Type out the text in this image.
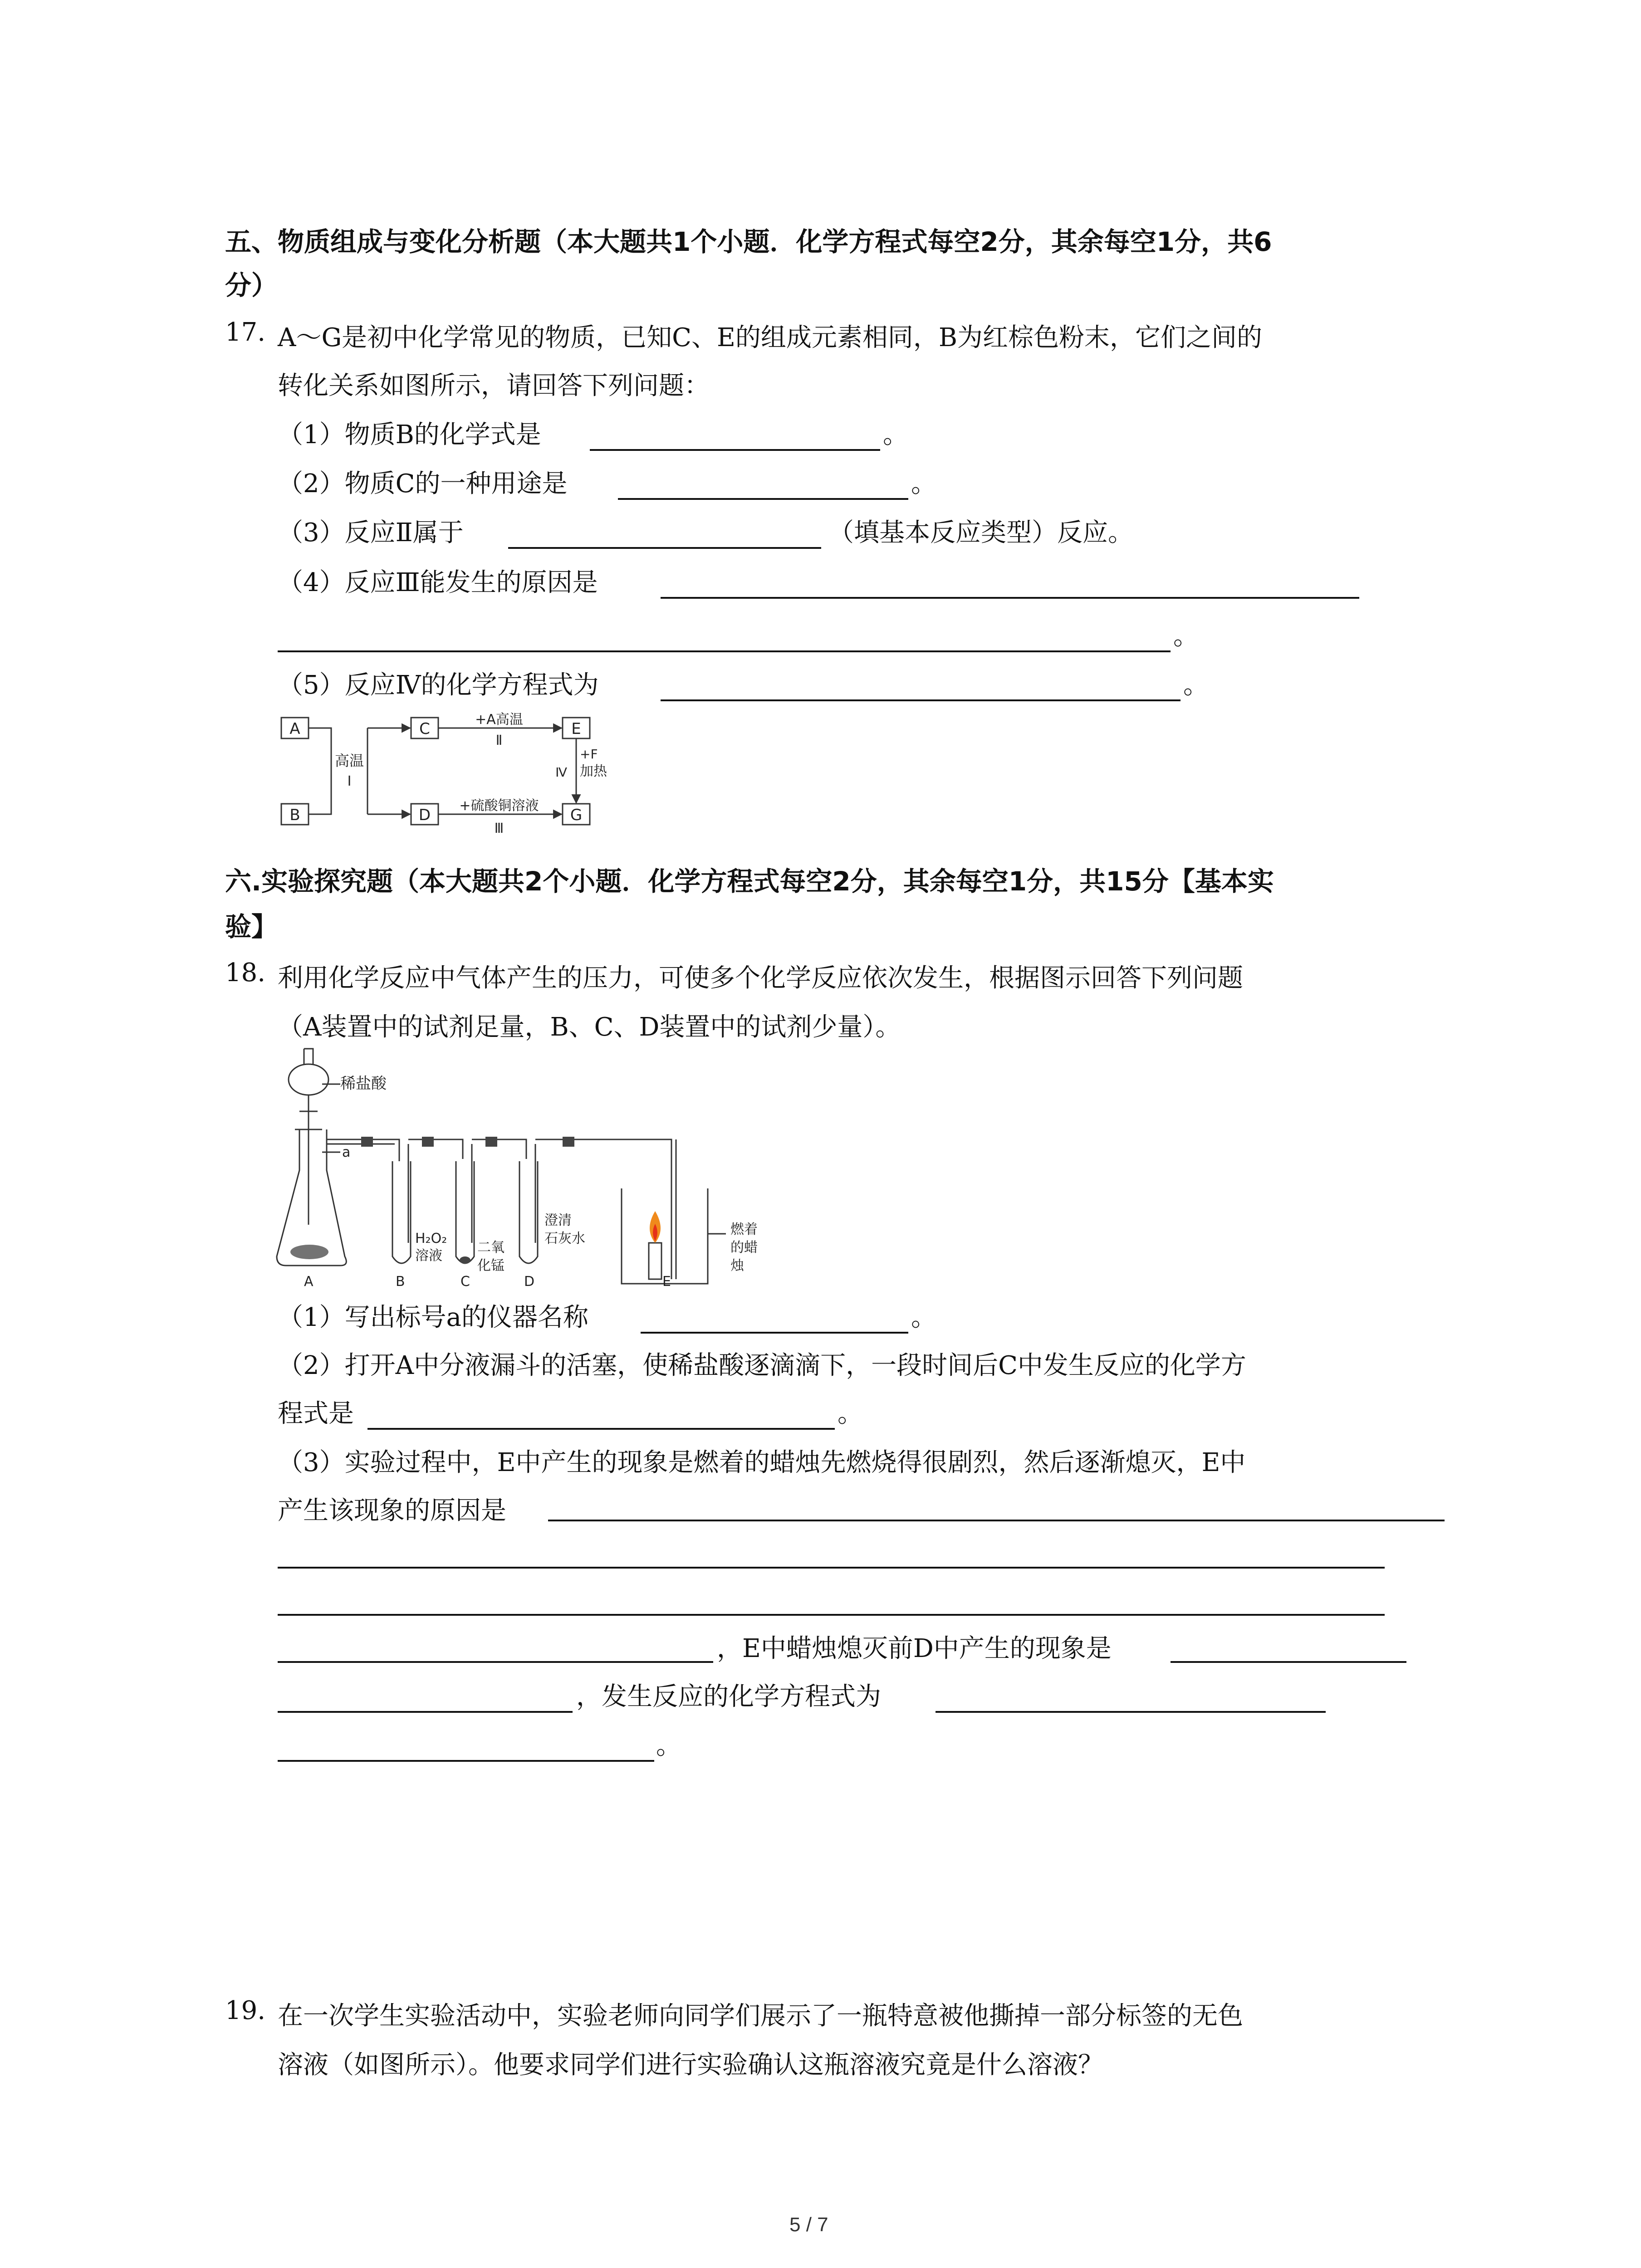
五、物质组成与变化分析题（本大题共1个小题．化学方程式每空2分，其余每空1分，共6
分）
17. A～G是初中化学常见的物质，已知C、E的组成元素相同，B为红棕色粉末，它们之间的
转化关系如图所示，请回答下列问题：
（1）物质B的化学式是	。
（2）物质C的一种用途是	。
（3）反应Ⅱ属于	（填基本反应类型）反应。
（4）反应Ⅲ能发生的原因是
。
（5）反应Ⅳ的化学方程式为	。
A
B
C
D
E
G
高温
Ⅰ
+A高温
Ⅱ
+硫酸铜溶液
Ⅲ
Ⅳ
+F
加热
六.实验探究题（本大题共2个小题．化学方程式每空2分，其余每空1分，共15分【基本实
验】
18. 利用化学反应中气体产生的压力，可使多个化学反应依次发生，根据图示回答下列问题
（A装置中的试剂足量，B、C、D装置中的试剂少量）。
稀盐酸
a
H₂O₂
溶液
二氧
化锰
澄清
石灰水
燃着
的蜡
烛
A	B	C	D	E
（1）写出标号a的仪器名称	。
（2）打开A中分液漏斗的活塞，使稀盐酸逐滴滴下，一段时间后C中发生反应的化学方
程式是	。
（3）实验过程中，E中产生的现象是燃着的蜡烛先燃烧得很剧烈，然后逐渐熄灭，E中
产生该现象的原因是
，E中蜡烛熄灭前D中产生的现象是
，发生反应的化学方程式为
。
19. 在一次学生实验活动中，实验老师向同学们展示了一瓶特意被他撕掉一部分标签的无色
溶液（如图所示）。他要求同学们进行实验确认这瓶溶液究竟是什么溶液？
5 / 7
